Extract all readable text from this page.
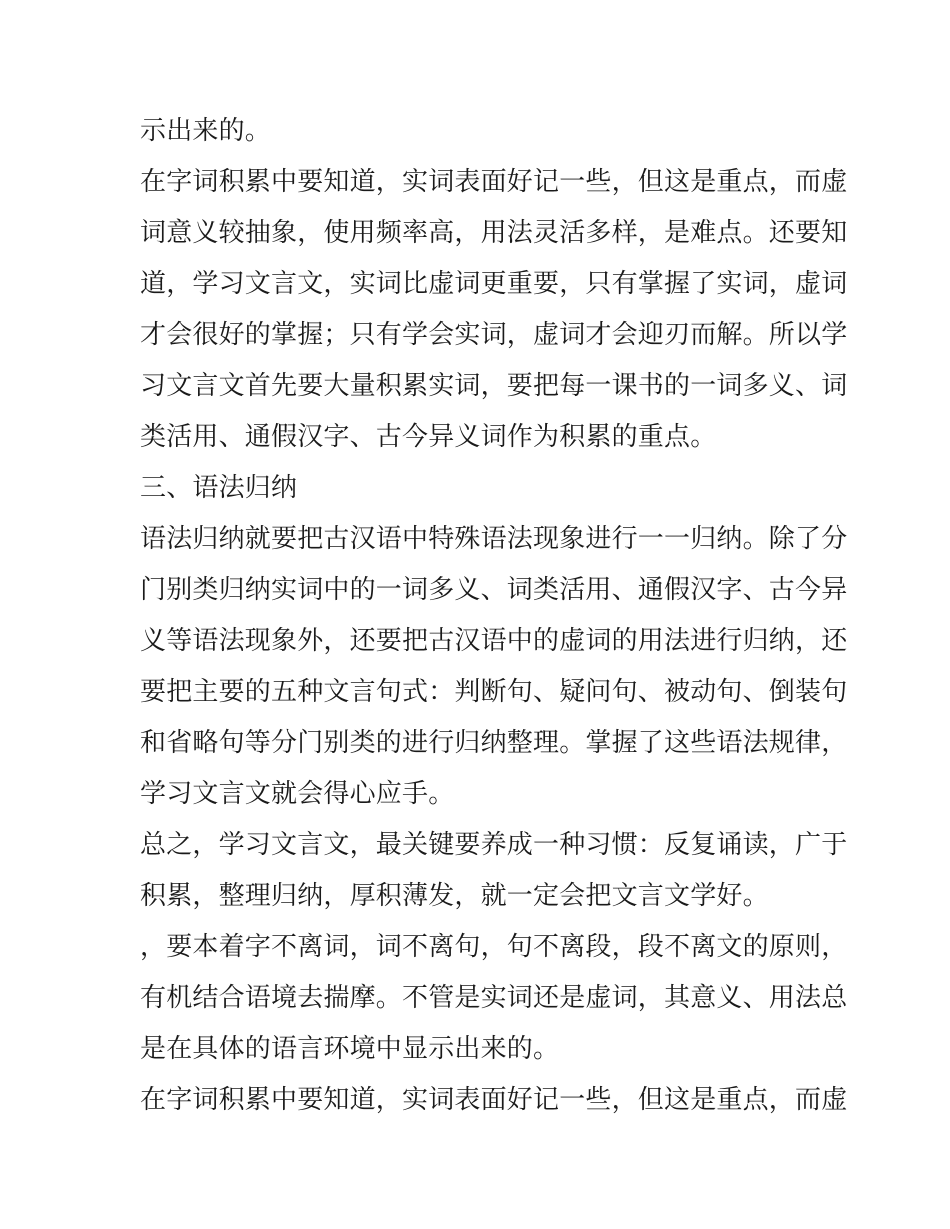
示出来的。
在字词积累中要知道，实词表面好记一些，但这是重点，而虚
词意义较抽象，使用频率高，用法灵活多样，是难点。还要知
道，学习文言文，实词比虚词更重要，只有掌握了实词，虚词
才会很好的掌握；只有学会实词，虚词才会迎刃而解。所以学
习文言文首先要大量积累实词，要把每一课书的一词多义、词
类活用、通假汉字、古今异义词作为积累的重点。
三、语法归纳
语法归纳就要把古汉语中特殊语法现象进行一一归纳。除了分
门别类归纳实词中的一词多义、词类活用、通假汉字、古今异
义等语法现象外，还要把古汉语中的虚词的用法进行归纳，还
要把主要的五种文言句式：判断句、疑问句、被动句、倒装句
和省略句等分门别类的进行归纳整理。掌握了这些语法规律，
学习文言文就会得心应手。
总之，学习文言文，最关键要养成一种习惯：反复诵读，广于
积累，整理归纳，厚积薄发，就一定会把文言文学好。
，要本着字不离词，词不离句，句不离段，段不离文的原则，
有机结合语境去揣摩。不管是实词还是虚词，其意义、用法总
是在具体的语言环境中显示出来的。
在字词积累中要知道，实词表面好记一些，但这是重点，而虚
